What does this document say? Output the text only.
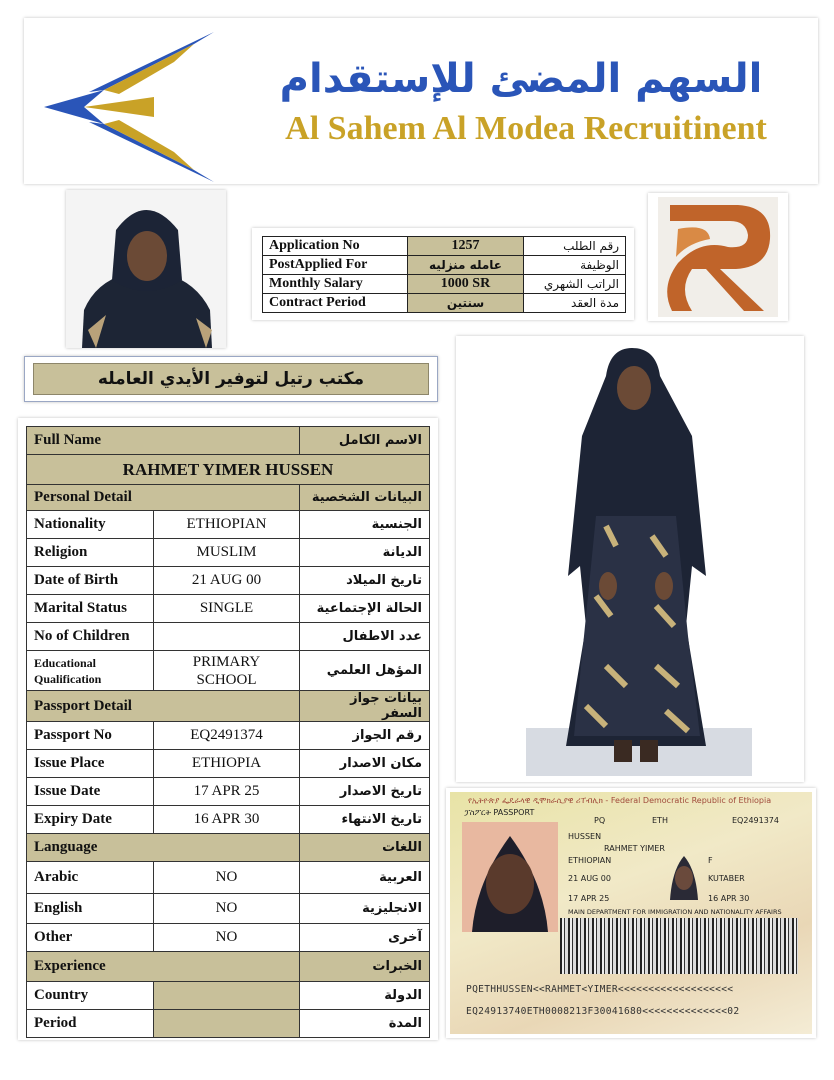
السهم المضئ للإستقدام
Al Sahem Al Modea Recruitinent
Application No	1257	رقم الطلب
PostApplied For	عامله منزليه	الوظيفة
Monthly Salary	1000 SR	الراتب الشهري
Contract Period	سنتين	مدة العقد
مكتب رتيل لتوفير الأيدي العامله
Full Name		الاسم الكامل
RAHMET YIMER HUSSEN		
Personal Detail		البيانات الشخصية
Nationality	ETHIOPIAN	الجنسية
Religion	MUSLIM	الديانة
Date of Birth	21 AUG 00	تاريخ الميلاد
Marital Status	SINGLE	الحالة الإجتماعية
No of Children		عدد الاطفال
Educational Qualification	PRIMARY SCHOOL	المؤهل العلمي
Passport Detail		بيانات جواز السفر
Passport No	EQ2491374	رقم الجواز
Issue Place	ETHIOPIA	مكان الاصدار
Issue Date	17 APR 25	تاريخ الاصدار
Expiry Date	16 APR 30	تاريخ الانتهاء
Language		اللغات
Arabic	NO	العربية
English	NO	الانجليزية
Other	NO	آخرى
Experience		الخبرات
Country		الدولة
Period		المدة
የኢትዮጵያ ፌዴራላዊ ዲሞክራሲያዊ ሪፐብሊክ - Federal Democratic Republic of Ethiopia
ፓስፖርት PASSPORT
PQ	ETH	EQ2491374
HUSSEN
RAHMET YIMER
ETHIOPIAN	F
21 AUG 00	KUTABER
17 APR 25	16 APR 30
MAIN DEPARTMENT FOR IMMIGRATION AND NATIONALITY AFFAIRS
PQETHHUSSEN<<RAHMET<YIMER<<<<<<<<<<<<<<<<<<<
EQ24913740ETH0008213F30041680<<<<<<<<<<<<<<02
